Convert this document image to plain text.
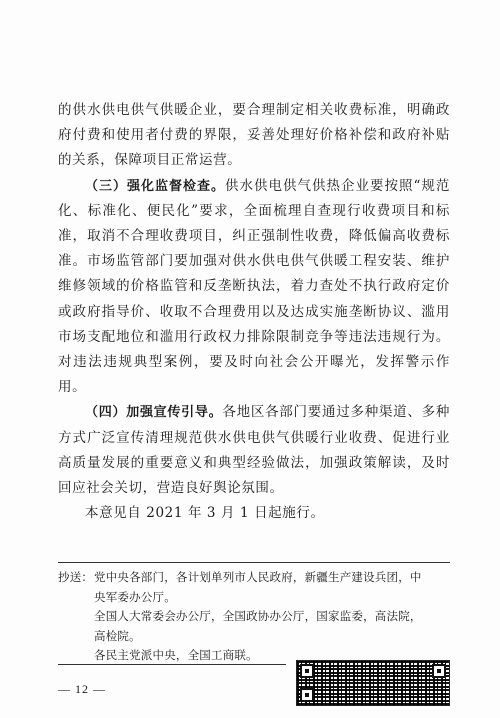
的供水供电供气供暖企业，要合理制定相关收费标准，明确政府付费和使用者付费的界限，妥善处理好价格补偿和政府补贴的关系，保障项目正常运营。

（三）强化监督检查。供水供电供气供热企业要按照“规范化、标准化、便民化”要求，全面梳理自查现行收费项目和标准，取消不合理收费项目，纠正强制性收费，降低偏高收费标准。市场监管部门要加强对供水供电供气供暖工程安装、维护维修领域的价格监管和反垄断执法，着力查处不执行政府定价或政府指导价、收取不合理费用以及达成实施垄断协议、滥用市场支配地位和滥用行政权力排除限制竞争等违法违规行为。对违法违规典型案例，要及时向社会公开曝光，发挥警示作用。

（四）加强宣传引导。各地区各部门要通过多种渠道、多种方式广泛宣传清理规范供水供电供气供暖行业收费、促进行业高质量发展的重要意义和典型经验做法，加强政策解读，及时回应社会关切，营造良好舆论氛围。

本意见自 2021 年 3 月 1 日起施行。

抄送： 党中央各部门，各计划单列市人民政府，新疆生产建设兵团，中
央军委办公厅。
全国人大常委会办公厅，全国政协办公厅，国家监委，高法院，
高检院。
各民主党派中央，全国工商联。
— 12 —
